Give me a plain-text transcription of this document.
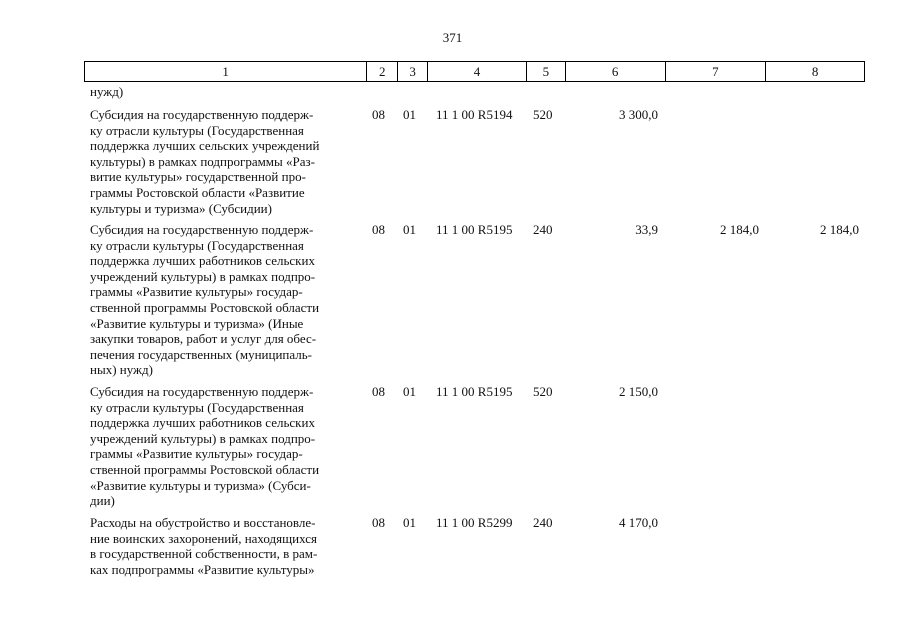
371
1	2	3	4	5	6	7	8
нужд)
Субсидия на государственную поддерж-
ку отрасли культуры (Государственная
поддержка лучших сельских учреждений
культуры) в рамках подпрограммы «Раз-
витие культуры» государственной про-
граммы Ростовской области «Развитие
культуры и туризма» (Субсидии)
08 01 11 1 00 R5194 520	3 300,0
Субсидия на государственную поддерж-
ку отрасли культуры (Государственная
поддержка лучших работников сельских
учреждений культуры) в рамках подпро-
граммы «Развитие культуры» государ-
ственной программы Ростовской области
«Развитие культуры и туризма» (Иные
закупки товаров, работ и услуг для обес-
печения государственных (муниципаль-
ных) нужд)
08 01 11 1 00 R5195 240	33,9	2 184,0	2 184,0
Субсидия на государственную поддерж-
ку отрасли культуры (Государственная
поддержка лучших работников сельских
учреждений культуры) в рамках подпро-
граммы «Развитие культуры» государ-
ственной программы Ростовской области
«Развитие культуры и туризма» (Субси-
дии)
08 01 11 1 00 R5195 520	2 150,0
Расходы на обустройство и восстановле-
ние воинских захоронений, находящихся
в государственной собственности, в рам-
ках подпрограммы «Развитие культуры»
08 01 11 1 00 R5299 240	4 170,0
